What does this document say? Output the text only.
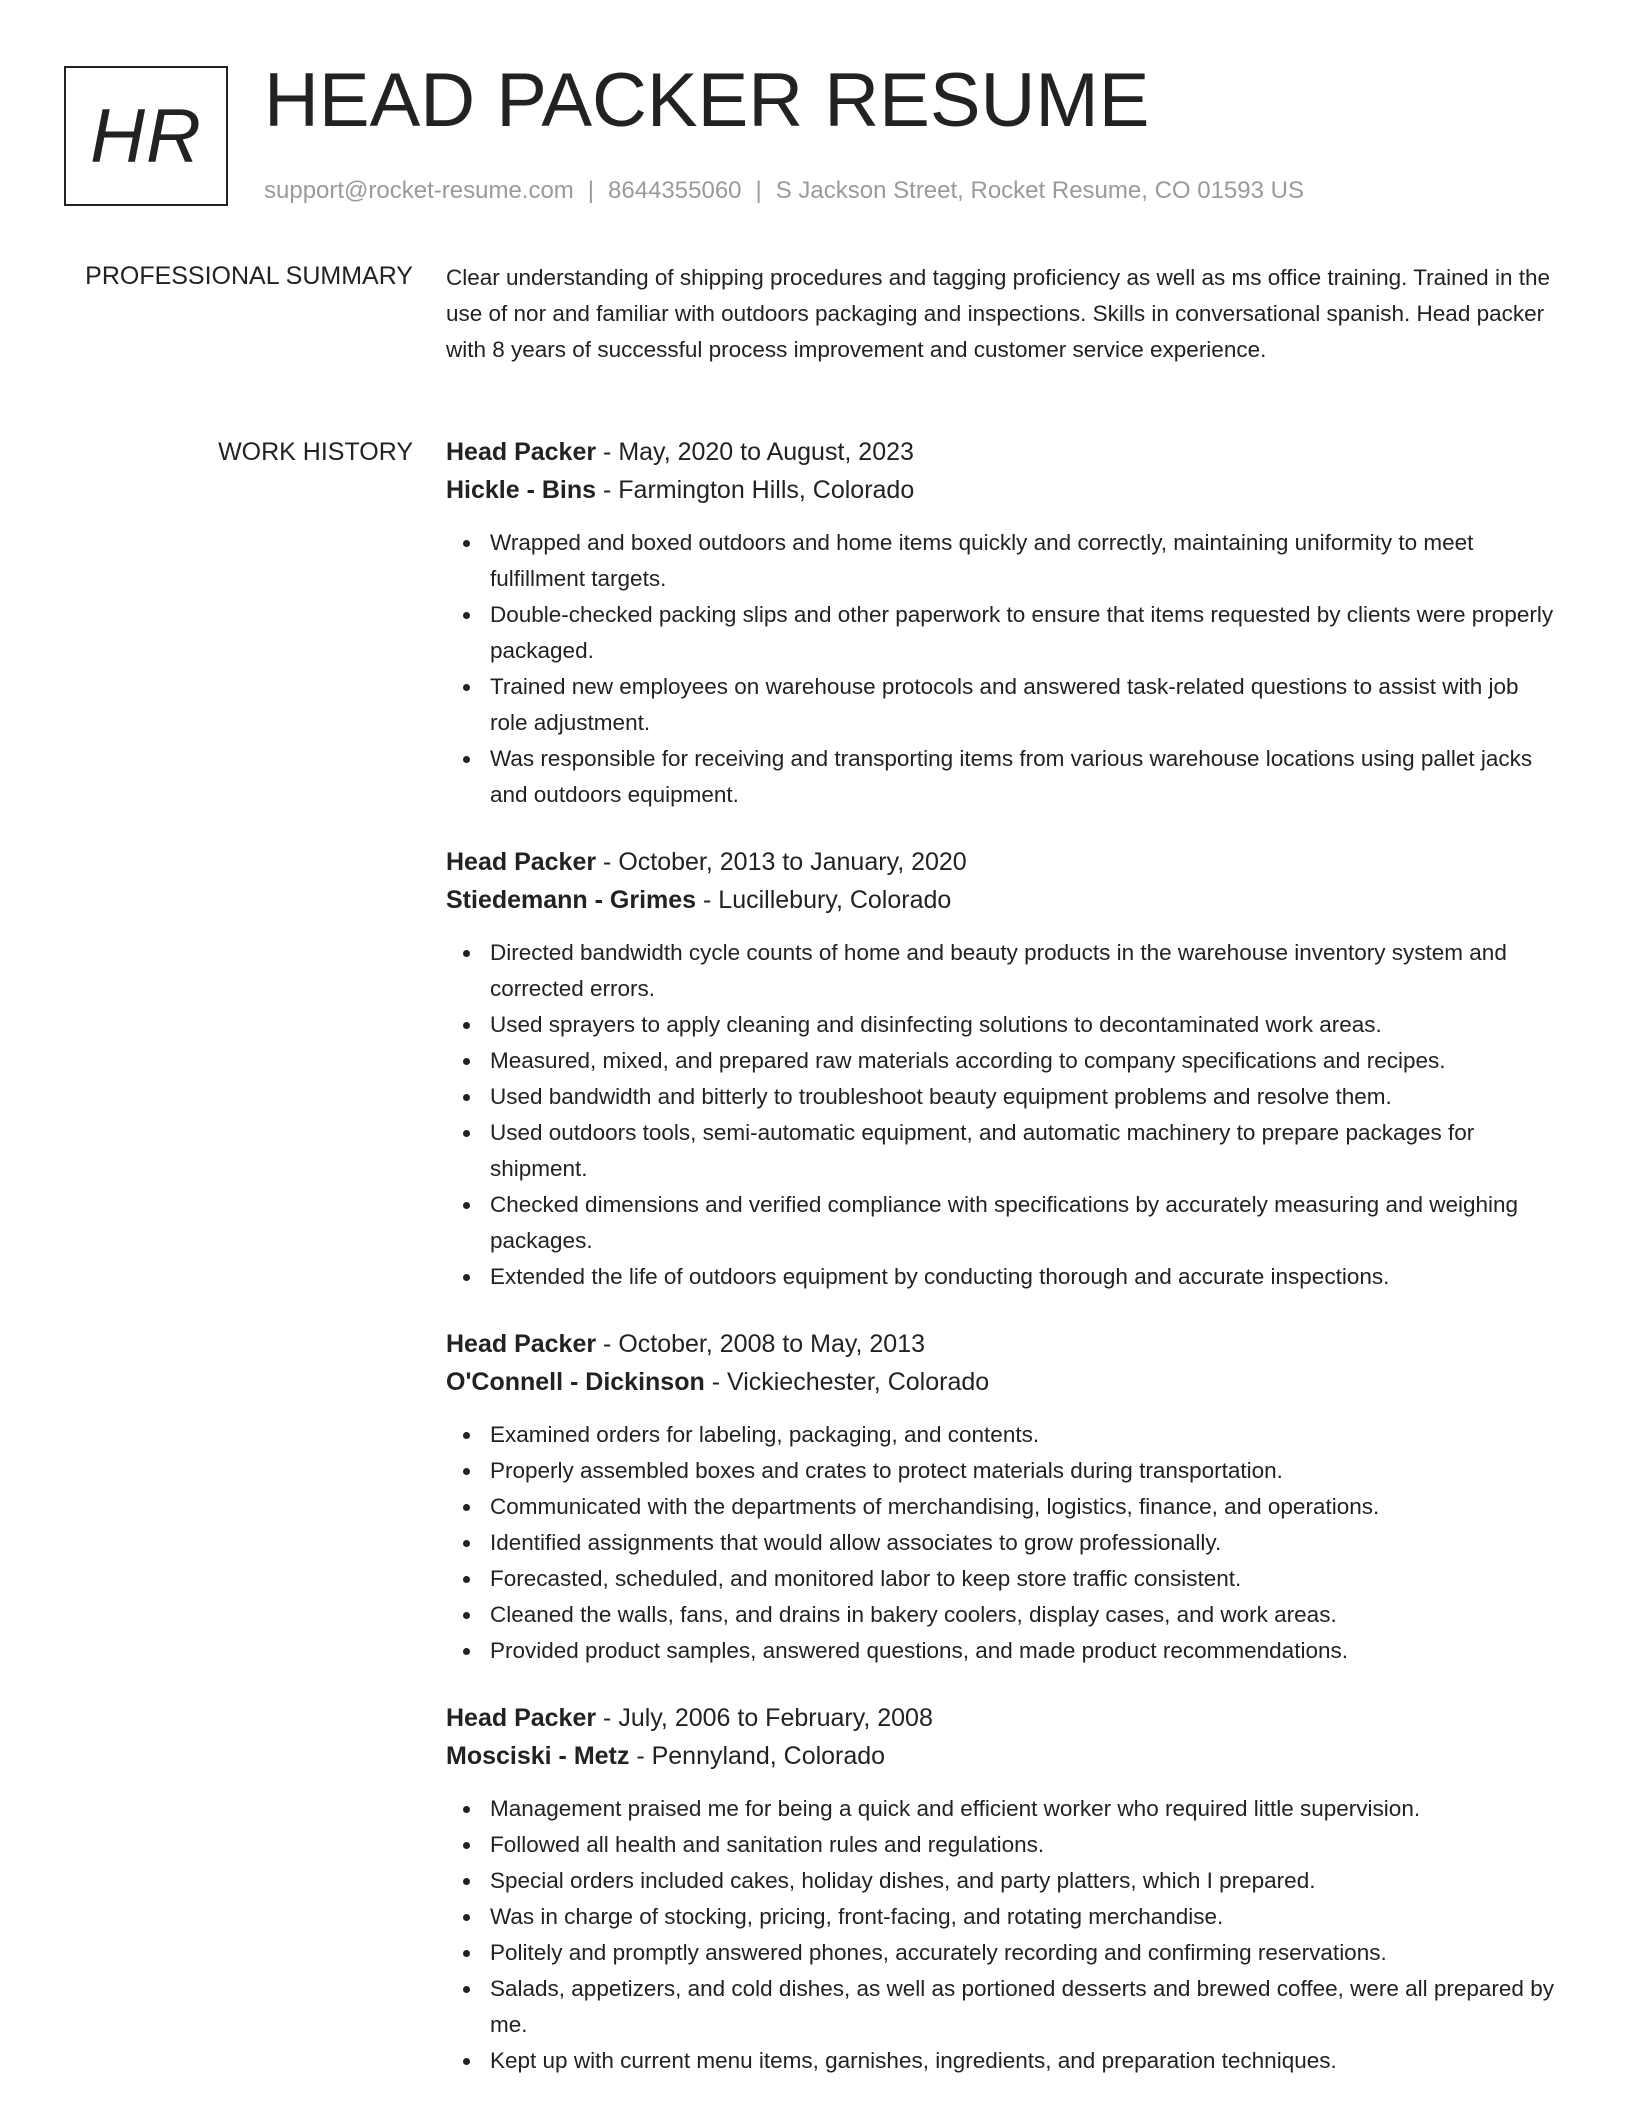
HR HEAD PACKER RESUME
support@rocket-resume.com | 8644355060 | S Jackson Street, Rocket Resume, CO 01593 US
PROFESSIONAL SUMMARY Clear understanding of shipping procedures and tagging proficiency as well as ms office training. Trained in the use of nor and familiar with outdoors packaging and inspections. Skills in conversational spanish. Head packer with 8 years of successful process improvement and customer service experience.

WORK HISTORY Head Packer - May, 2020 to August, 2023
Hickle - Bins - Farmington Hills, Colorado
Wrapped and boxed outdoors and home items quickly and correctly, maintaining uniformity to meet fulfillment targets.
Double-checked packing slips and other paperwork to ensure that items requested by clients were properly packaged.
Trained new employees on warehouse protocols and answered task-related questions to assist with job role adjustment.
Was responsible for receiving and transporting items from various warehouse locations using pallet jacks and outdoors equipment.
Head Packer - October, 2013 to January, 2020
Stiedemann - Grimes - Lucillebury, Colorado
Directed bandwidth cycle counts of home and beauty products in the warehouse inventory system and corrected errors.
Used sprayers to apply cleaning and disinfecting solutions to decontaminated work areas.
Measured, mixed, and prepared raw materials according to company specifications and recipes.
Used bandwidth and bitterly to troubleshoot beauty equipment problems and resolve them.
Used outdoors tools, semi-automatic equipment, and automatic machinery to prepare packages for shipment.
Checked dimensions and verified compliance with specifications by accurately measuring and weighing packages.
Extended the life of outdoors equipment by conducting thorough and accurate inspections.
Head Packer - October, 2008 to May, 2013
O'Connell - Dickinson - Vickiechester, Colorado
Examined orders for labeling, packaging, and contents.
Properly assembled boxes and crates to protect materials during transportation.
Communicated with the departments of merchandising, logistics, finance, and operations.
Identified assignments that would allow associates to grow professionally.
Forecasted, scheduled, and monitored labor to keep store traffic consistent.
Cleaned the walls, fans, and drains in bakery coolers, display cases, and work areas.
Provided product samples, answered questions, and made product recommendations.
Head Packer - July, 2006 to February, 2008
Mosciski - Metz - Pennyland, Colorado
Management praised me for being a quick and efficient worker who required little supervision.
Followed all health and sanitation rules and regulations.
Special orders included cakes, holiday dishes, and party platters, which I prepared.
Was in charge of stocking, pricing, front-facing, and rotating merchandise.
Politely and promptly answered phones, accurately recording and confirming reservations.
Salads, appetizers, and cold dishes, as well as portioned desserts and brewed coffee, were all prepared by me.
Kept up with current menu items, garnishes, ingredients, and preparation techniques.
